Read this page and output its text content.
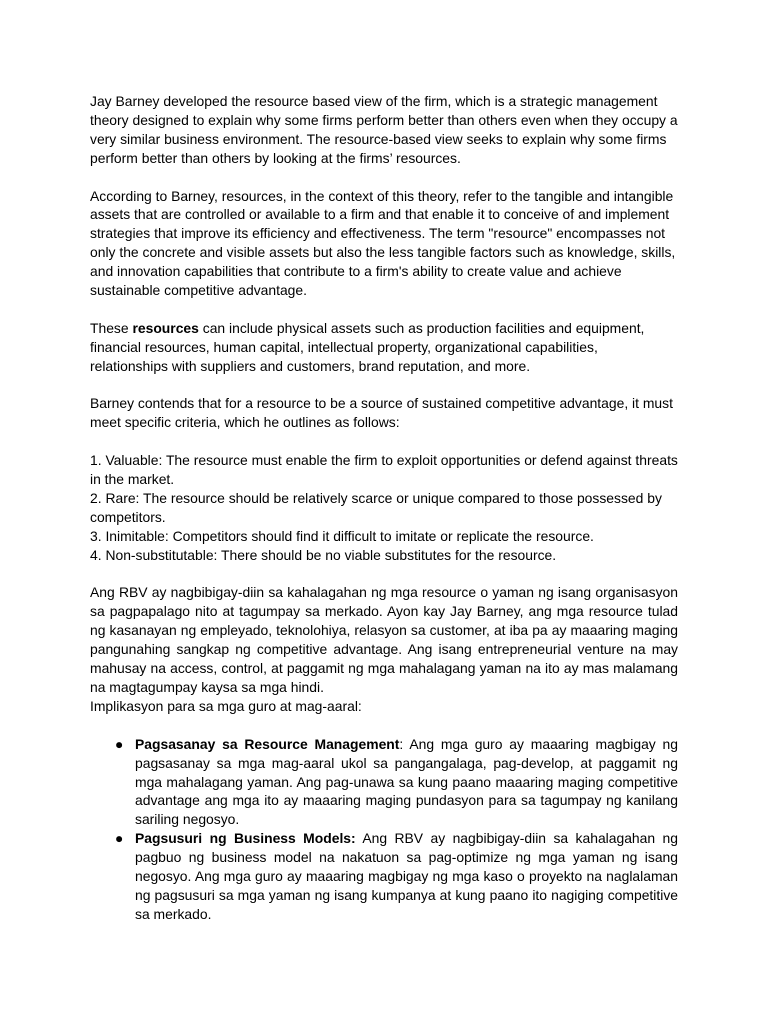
Jay Barney developed the resource based view of the firm, which is a strategic management theory designed to explain why some firms perform better than others even when they occupy a very similar business environment. The resource-based view seeks to explain why some firms perform better than others by looking at the firms’ resources.

According to Barney, resources, in the context of this theory, refer to the tangible and intangible assets that are controlled or available to a firm and that enable it to conceive of and implement strategies that improve its efficiency and effectiveness. The term "resource" encompasses not only the concrete and visible assets but also the less tangible factors such as knowledge, skills, and innovation capabilities that contribute to a firm's ability to create value and achieve sustainable competitive advantage.

These resources can include physical assets such as production facilities and equipment, financial resources, human capital, intellectual property, organizational capabilities, relationships with suppliers and customers, brand reputation, and more.

Barney contends that for a resource to be a source of sustained competitive advantage, it must meet specific criteria, which he outlines as follows:

1. Valuable: The resource must enable the firm to exploit opportunities or defend against threats in the market.

2. Rare: The resource should be relatively scarce or unique compared to those possessed by competitors.

3. Inimitable: Competitors should find it difficult to imitate or replicate the resource.

4. Non-substitutable: There should be no viable substitutes for the resource.

Ang RBV ay nagbibigay-diin sa kahalagahan ng mga resource o yaman ng isang organisasyon sa pagpapalago nito at tagumpay sa merkado. Ayon kay Jay Barney, ang mga resource tulad ng kasanayan ng empleyado, teknolohiya, relasyon sa customer, at iba pa ay maaaring maging pangunahing sangkap ng competitive advantage. Ang isang entrepreneurial venture na may mahusay na access, control, at paggamit ng mga mahalagang yaman na ito ay mas malamang na magtagumpay kaysa sa mga hindi.

Implikasyon para sa mga guro at mag-aaral:

● Pagsasanay sa Resource Management: Ang mga guro ay maaaring magbigay ng pagsasanay sa mga mag-aaral ukol sa pangangalaga, pag-develop, at paggamit ng mga mahalagang yaman. Ang pag-unawa sa kung paano maaaring maging competitive advantage ang mga ito ay maaaring maging pundasyon para sa tagumpay ng kanilang sariling negosyo.
● Pagsusuri ng Business Models: Ang RBV ay nagbibigay-diin sa kahalagahan ng pagbuo ng business model na nakatuon sa pag-optimize ng mga yaman ng isang negosyo. Ang mga guro ay maaaring magbigay ng mga kaso o proyekto na naglalaman ng pagsusuri sa mga yaman ng isang kumpanya at kung paano ito nagiging competitive sa merkado.
